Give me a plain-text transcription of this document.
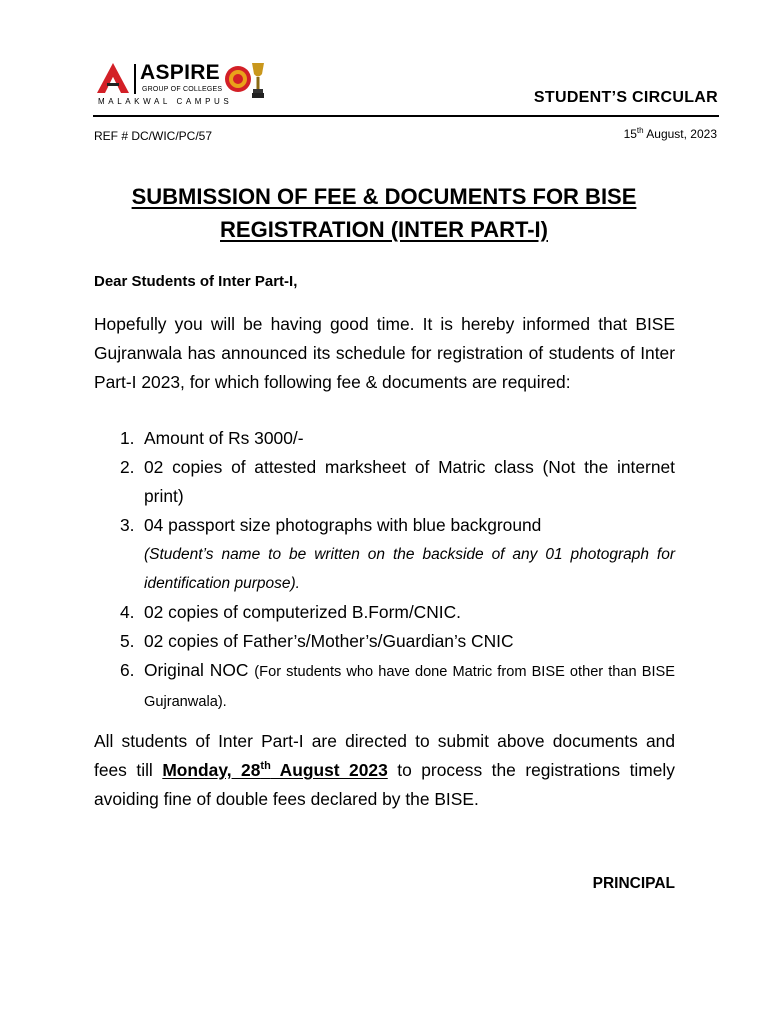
ASPIRE
GROUP OF COLLEGES
MALAKWAL CAMPUS	STUDENT’S CIRCULAR
REF # DC/WIC/PC/57	15th August, 2023
SUBMISSION OF FEE & DOCUMENTS FOR BISE
REGISTRATION (INTER PART-I)
Dear Students of Inter Part-I,
Hopefully you will be having good time. It is hereby informed that BISE Gujranwala has announced its schedule for registration of students of Inter Part-I 2023, for which following fee & documents are required:
1. Amount of Rs 3000/-
2. 02 copies of attested marksheet of Matric class (Not the internet print)
3. 04 passport size photographs with blue background
(Student’s name to be written on the backside of any 01 photograph for identification purpose).
4. 02 copies of computerized B.Form/CNIC.
5. 02 copies of Father’s/Mother’s/Guardian’s CNIC
6. Original NOC (For students who have done Matric from BISE other than BISE Gujranwala).
All students of Inter Part-I are directed to submit above documents and fees till Monday, 28th August 2023 to process the registrations timely avoiding fine of double fees declared by the BISE.
PRINCIPAL
